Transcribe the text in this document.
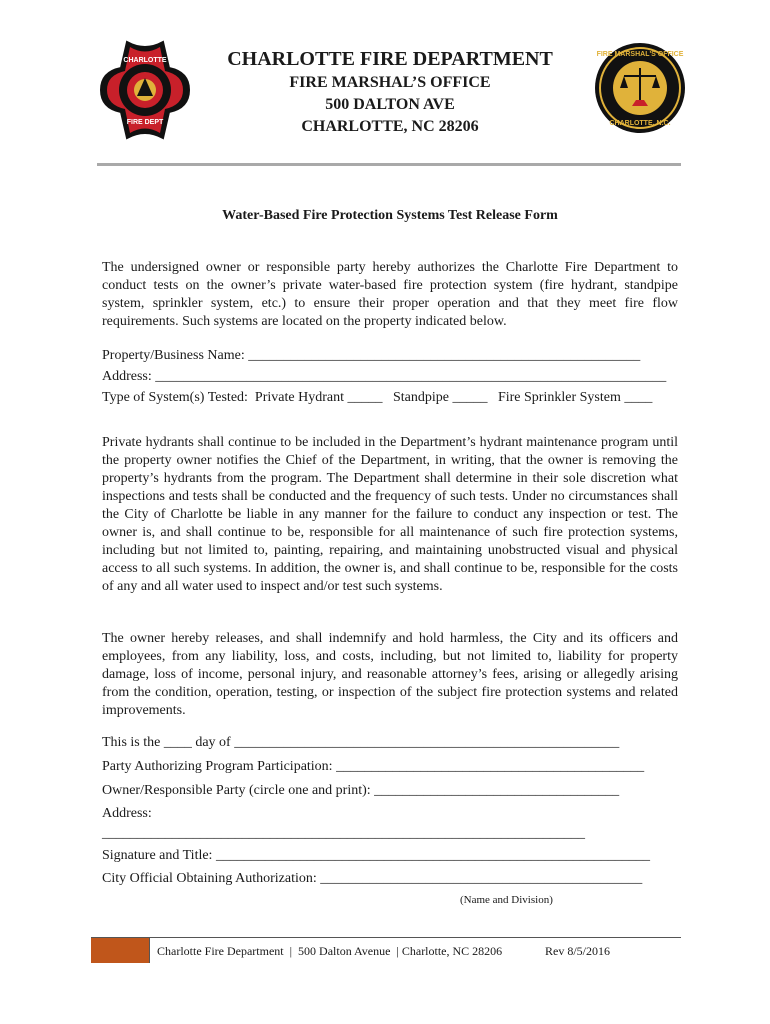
CHARLOTTE
FIRE DEPT
FIRE MARSHAL'S OFFICE
CHARLOTTE, N.C.
CHARLOTTE FIRE DEPARTMENT
FIRE MARSHAL’S OFFICE
500 DALTON AVE
CHARLOTTE, NC 28206
Water-Based Fire Protection Systems Test Release Form
The undersigned owner or responsible party hereby authorizes the Charlotte Fire Department to conduct tests on the owner’s private water-based fire protection system (fire hydrant, standpipe system, sprinkler system, etc.) to ensure their proper operation and that they meet fire flow requirements. Such systems are located on the property indicated below.
Property/Business Name: ________________________________________________________
Address: _________________________________________________________________________
Type of System(s) Tested:  Private Hydrant _____   Standpipe _____   Fire Sprinkler System ____
Private hydrants shall continue to be included in the Department’s hydrant maintenance program until the property owner notifies the Chief of the Department, in writing, that the owner is removing the property’s hydrants from the program. The Department shall determine in their sole discretion what inspections and tests shall be conducted and the frequency of such tests. Under no circumstances shall the City of Charlotte be liable in any manner for the failure to conduct any inspection or test. The owner is, and shall continue to be, responsible for all maintenance of such fire protection systems, including but not limited to, painting, repairing, and maintaining unobstructed visual and physical access to all such systems. In addition, the owner is, and shall continue to be, responsible for the costs of any and all water used to inspect and/or test such systems.
The owner hereby releases, and shall indemnify and hold harmless, the City and its officers and employees, from any liability, loss, and costs, including, but not limited to, liability for property damage, loss of income, personal injury, and reasonable attorney’s fees, arising or allegedly arising from the condition, operation, testing, or inspection of the subject fire protection systems and related improvements.
This is the ____ day of _______________________________________________________
Party Authorizing Program Participation: ____________________________________________
Owner/Responsible Party (circle one and print): ___________________________________
Address:
_____________________________________________________________________
Signature and Title: ______________________________________________________________
City Official Obtaining Authorization: ______________________________________________
(Name and Division)
Charlotte Fire Department  |  500 Dalton Avenue  | Charlotte, NC 28206	Rev 8/5/2016
